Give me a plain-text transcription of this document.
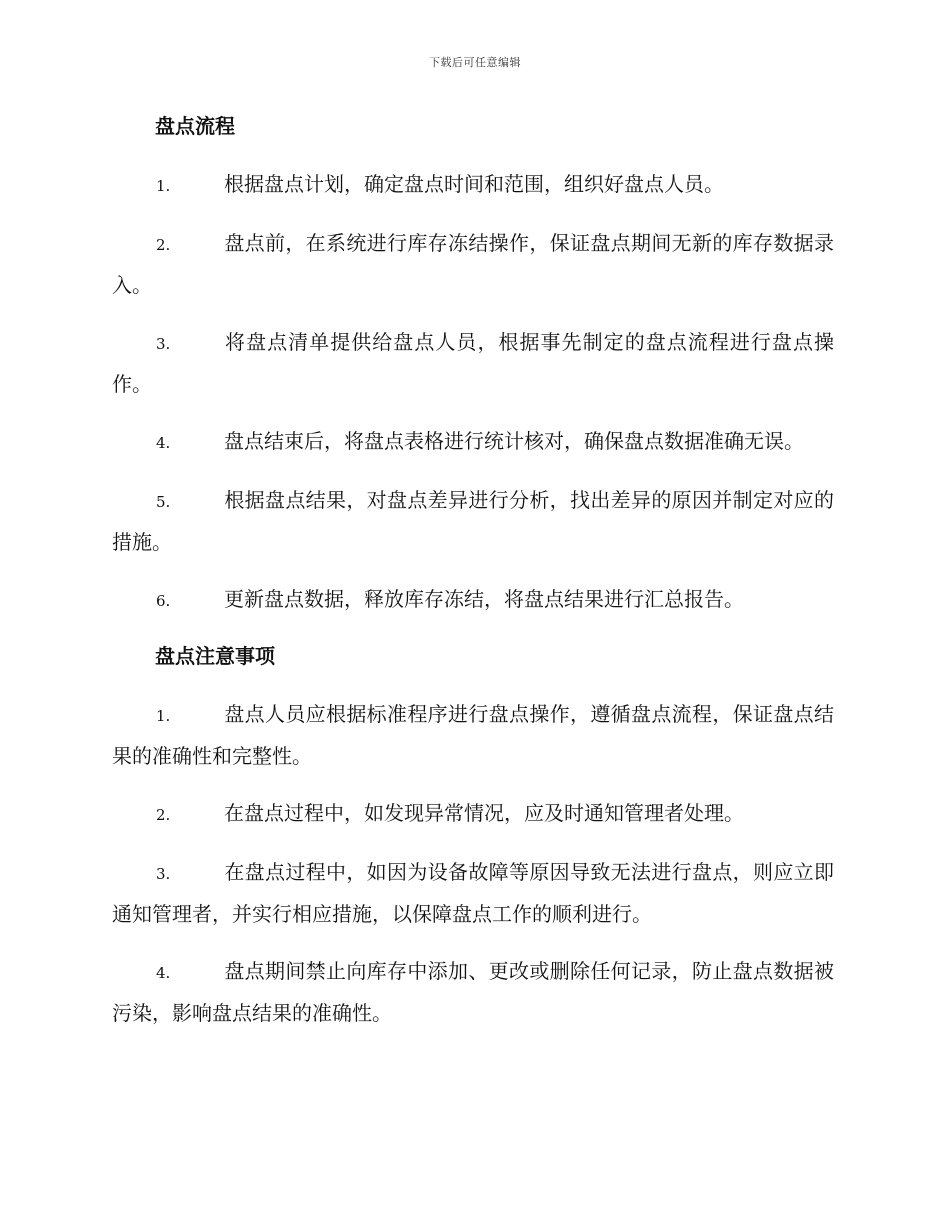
下载后可任意编辑
盘点流程
1.	根据盘点计划，确定盘点时间和范围，组织好盘点人员。
2.	盘点前，在系统进行库存冻结操作，保证盘点期间无新的库存数据录入。
3.	将盘点清单提供给盘点人员，根据事先制定的盘点流程进行盘点操作。
4.	盘点结束后，将盘点表格进行统计核对，确保盘点数据准确无误。
5.	根据盘点结果，对盘点差异进行分析，找出差异的原因并制定对应的措施。
6.	更新盘点数据，释放库存冻结，将盘点结果进行汇总报告。
盘点注意事项
1.	盘点人员应根据标准程序进行盘点操作，遵循盘点流程，保证盘点结果的准确性和完整性。
2.	在盘点过程中，如发现异常情况，应及时通知管理者处理。
3.	在盘点过程中，如因为设备故障等原因导致无法进行盘点，则应立即通知管理者，并实行相应措施，以保障盘点工作的顺利进行。
4.	盘点期间禁止向库存中添加、更改或删除任何记录，防止盘点数据被污染，影响盘点结果的准确性。
